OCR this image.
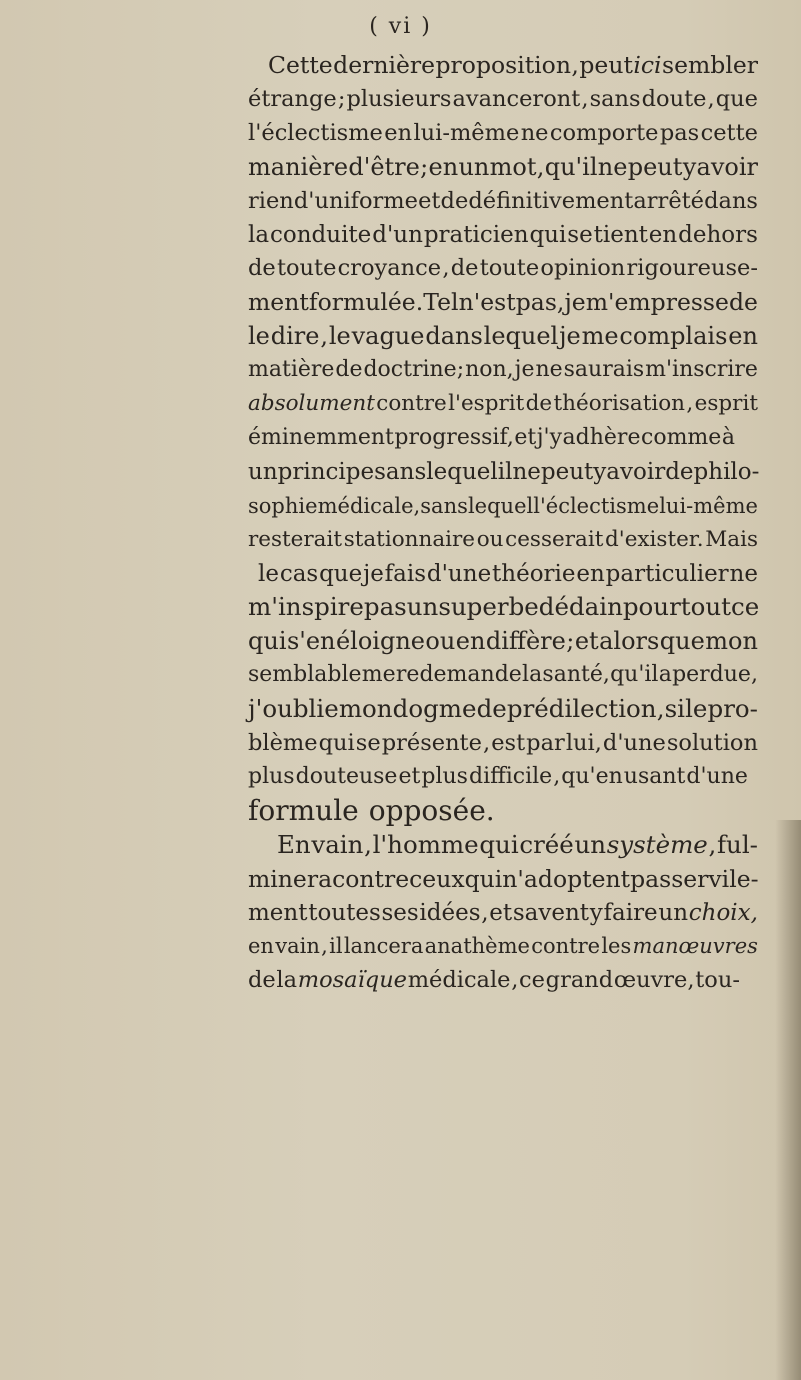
( vi )
Cette dernière proposition , peut ici sembler
étrange ; plusieurs avanceront , sans doute , que
l'éclectisme en lui-même ne comporte pas cette
manière d'être ; en un mot , qu'il ne peut y avoir
rien d'uniforme et de définitivement arrêté dans
la conduite d'un praticien qui se tient en dehors
de toute croyance , de toute opinion rigoureuse-
ment formulée. Tel n'est pas, je m'empresse de
le dire , le vague dans lequel je me complais en
matière de doctrine; non, je ne saurais m'inscrire
absolument contre l'esprit de théorisation , esprit
éminemment progressif, et j'y adhère comme à
un principe sans lequel il ne peut y avoir de philo-
sophie médicale, sans lequel l'éclectisme lui-même
resterait stationnaire ou cesserait d'exister. Mais
le cas que je fais d'une théorie en particulier ne
m'inspire pas un superbe dédain pour tout ce
qui s'en éloigne ou en diffère ; et alors que mon
semblable me redemande la santé, qu'il a perdue,
j'oublie mon dogme de prédilection , si le pro-
blème qui se présente , est par lui, d'une solution
plus douteuse et plus difficile , qu'en usant d'une
formule opposée.
En vain , l'homme qui créé un système , ful-
minera contre ceux qui n'adoptent pas servile-
ment toutes ses idées , et savent y faire un choix,
en vain , il lancera anathème contre les manœuvres
de la mosaïque médicale , ce grand œuvre, tou-
